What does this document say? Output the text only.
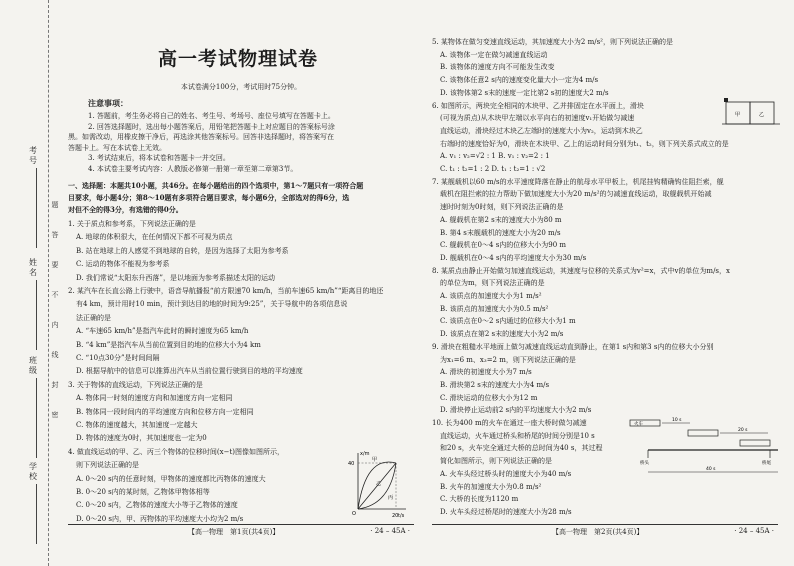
考号
姓名
班级
学校
题答要不内线封密
高一考试物理试卷
本试卷满分100分，考试用时75分钟。
注意事项：
1. 答题前，考生务必将自己的姓名、考生号、考场号、座位号填写在答题卡上。
2. 回答选择题时，选出每小题答案后，用铅笔把答题卡上对应题目的答案标号涂
黑。如需改动，用橡皮擦干净后，再选涂其他答案标号。回答非选择题时，将答案写在
答题卡上。写在本试卷上无效。
3. 考试结束后，将本试卷和答题卡一并交回。
4. 本试卷主要考试内容：人教版必修第一册第一章至第二章第3节。
一、选择题：本题共10小题，共46分。在每小题给出的四个选项中，第1～7题只有一项符合题
目要求，每小题4分；第8～10题有多项符合题目要求，每小题6分，全部选对的得6分，选
对但不全的得3分，有选错的得0分。
1. 关于质点和参考系，下列说法正确的是
A. 地球的体积很大，在任何情况下都不可视为质点
B. 站在地球上的人感觉不到地球的自转，是因为选择了太阳为参考系
C. 运动的物体不能视为参考系
D. 我们常说“太阳东升西落”，是以地面为参考系描述太阳的运动
2. 某汽车在长直公路上行驶中，语音导航播报“前方限速70 km/h，当前车速65 km/h”“距离目的地还
有4 km，预计用时10 min，预计到达目的地的时间为9:25”，关于导航中的各项信息说
法正确的是
A. “车速65 km/h”是指汽车此时的瞬时速度为65 km/h
B. “4 km”是指汽车从当前位置到目的地的位移大小为4 km
C. “10点30分”是时间间隔
D. 根据导航中的信息可以推算出汽车从当前位置行驶到目的地的平均速度
3. 关于物体的直线运动，下列说法正确的是
A. 物体同一时刻的速度方向和加速度方向一定相同
B. 物体同一段时间内的平均速度方向和位移方向一定相同
C. 物体的速度越大，其加速度一定越大
D. 物体的速度为0时，其加速度也一定为0
4. 做直线运动的甲、乙、丙三个物体的位移时间(x−t)图像如图所示，
则下列说法正确的是
A. 0～20 s内的任意时刻，甲物体的速度都比丙物体的速度大
B. 0～20 s内的某时刻，乙物体甲物体相等
C. 0～20 s内，乙物体的速度大小等于乙物体的速度
D. 0～20 s内，甲、丙物体的平均速度大小均为2 m/s
x/m
t/s
40
20
O
甲
乙
丙
【高一物理　第1页(共4页)】	· 24 – 45A ·
5. 某物体在做匀变速直线运动，其加速度大小为2 m/s²，则下列说法正确的是
A. 该物体一定在做匀减速直线运动
B. 该物体的速度方向不可能发生改变
C. 该物体任意2 s内的速度变化量大小一定为4 m/s
D. 该物体第2 s末的速度一定比第2 s初的速度大2 m/s
6. 如图所示，两块完全相同的木块甲、乙并排固定在水平面上，滑块
(可视为质点)从木块甲左端以水平向右的初速度v₁开始做匀减速
直线运动，滑块经过木块乙左端时的速度大小为v₂，运动到木块乙
右端时的速度恰好为0，滑块在木块甲、乙上的运动时间分别为t₁、t₂，则下列关系式成立的是
A. v₁ : v₂=√2 : 1 B. v₁ : v₂=2 : 1
C. t₁ : t₂=1 : 2 D. t₁ : t₂=1 : √2
7. 某舰载机以60 m/s的水平速度降落在静止的航母水平甲板上，机尾挂钩精确钩住阻拦索，舰
载机在阻拦索的拉力帮助下做加速度大小为20 m/s²的匀减速直线运动，取舰载机开始减
速时时刻为0时刻，则下列说法正确的是
A. 舰载机在第2 s末的速度大小为80 m
B. 第4 s末舰载机的速度大小为20 m/s
C. 舰载机在0～4 s内的位移大小为90 m
D. 舰载机在0～4 s内的平均速度大小为30 m/s
8. 某质点由静止开始做匀加速直线运动，其速度与位移的关系式为v²=x，式中v的单位为m/s，x
的单位为m，则下列说法正确的是
A. 该质点的加速度大小为1 m/s²
B. 该质点的加速度大小为0.5 m/s²
C. 该质点在0～2 s内通过的位移大小为1 m
D. 该质点在第2 s末的速度大小为2 m/s
9. 滑块在粗糙水平地面上做匀减速直线运动直到静止，在第1 s内和第3 s内的位移大小分别
为x₁=6 m、x₃=2 m，则下列说法正确的是
A. 滑块的初速度大小为7 m/s
B. 滑块第2 s末的速度大小为4 m/s
C. 滑块运动的位移大小为12 m
D. 滑块停止运动前2 s内的平均速度大小为2 m/s
10. 长为400 m的火车在通过一座大桥时做匀减速
直线运动，火车通过桥头和桥尾的时间分别是10 s
和20 s，火车完全通过大桥的总时间为40 s，其过程
简化如图所示，则下列说法正确的是
A. 火车头经过桥头时的速度大小为40 m/s
B. 火车的加速度大小为0.8 m/s²
C. 大桥的长度为1120 m
D. 火车头经过桥尾时的速度大小为28 m/s
甲	乙
火车
10 s
20 s
桥头	桥尾
40 s
【高一物理　第2页(共4页)】	· 24 – 45A ·
